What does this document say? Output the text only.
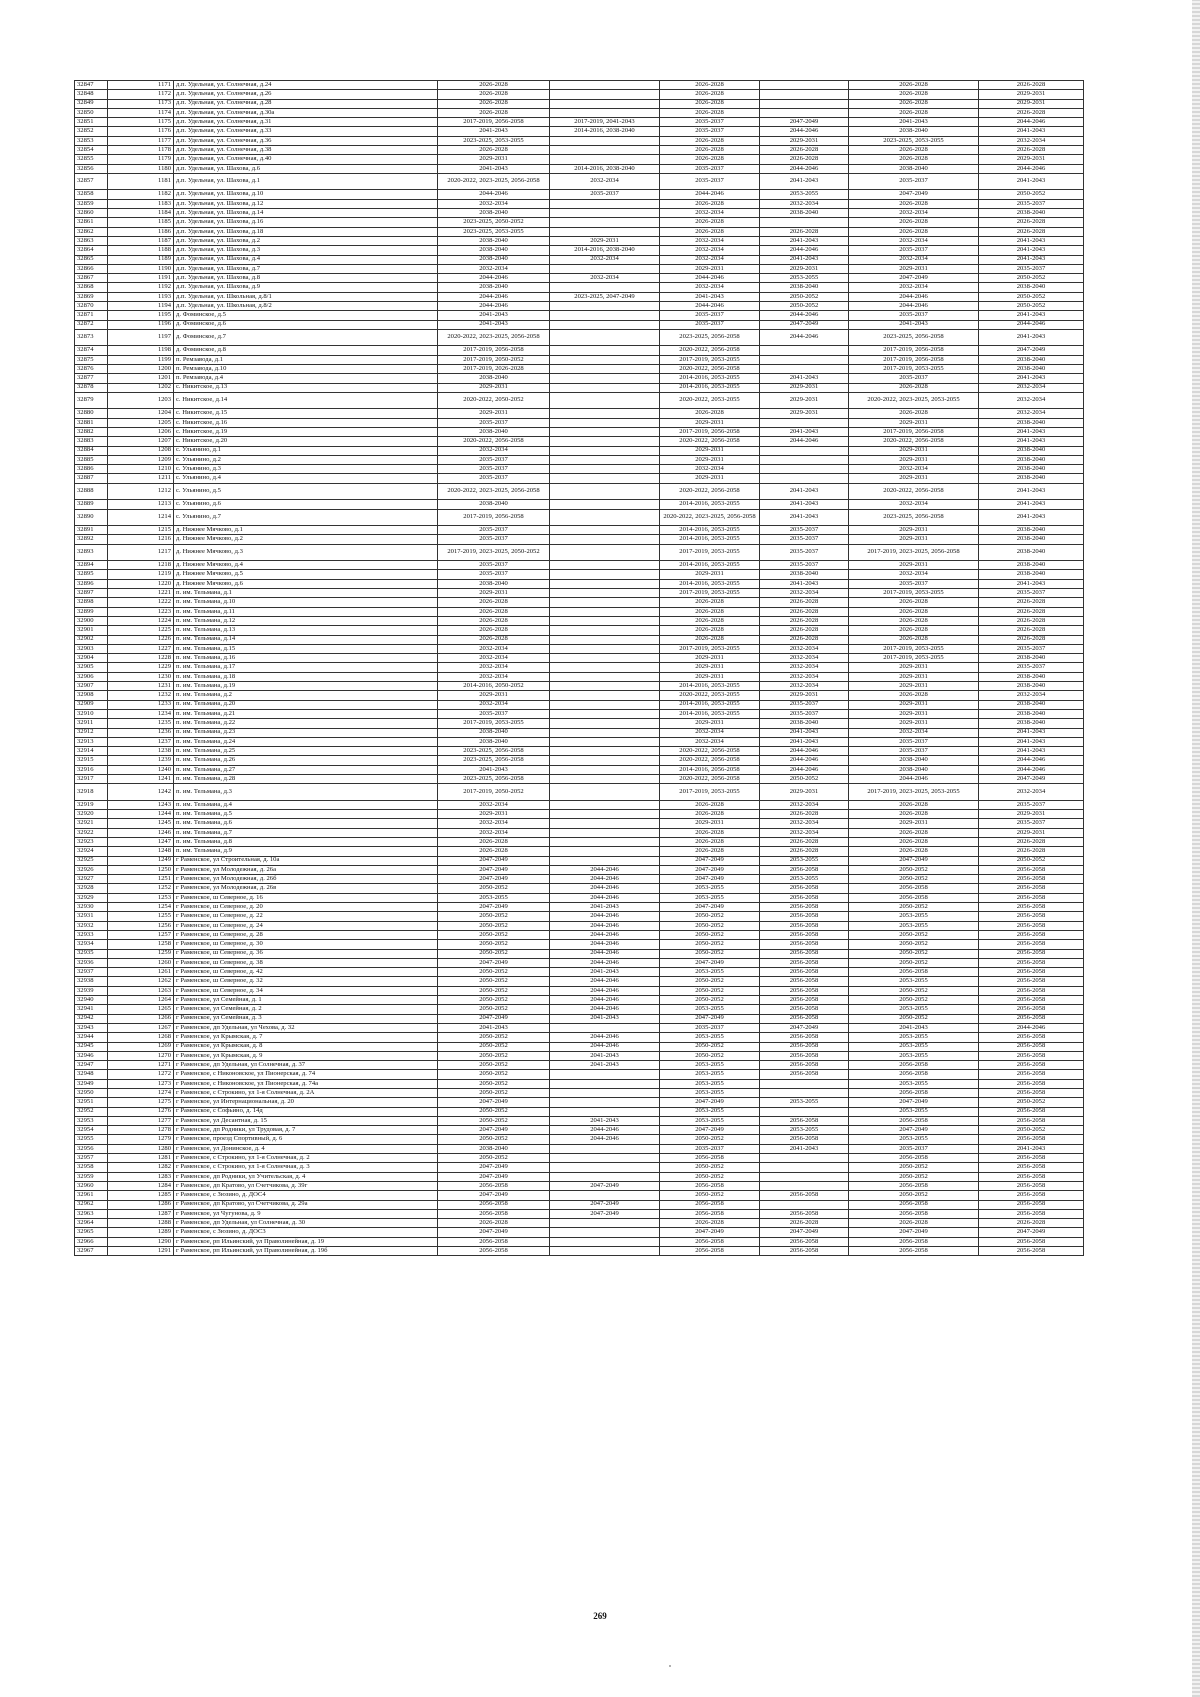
32847	1171	д.п. Удельная, ул. Солнечная, д.24	2026-2028		2026-2028		2026-2028	2026-2028
32848	1172	д.п. Удельная, ул. Солнечная, д.26	2026-2028		2026-2028		2026-2028	2029-2031
32849	1173	д.п. Удельная, ул. Солнечная, д.28	2026-2028		2026-2028		2026-2028	2029-2031
32850	1174	д.п. Удельная, ул. Солнечная, д.30а	2026-2028		2026-2028		2026-2028	2026-2028
32851	1175	д.п. Удельная, ул. Солнечная, д.31	2017-2019, 2056-2058	2017-2019, 2041-2043	2035-2037	2047-2049	2041-2043	2044-2046
32852	1176	д.п. Удельная, ул. Солнечная, д.33	2041-2043	2014-2016, 2038-2040	2035-2037	2044-2046	2038-2040	2041-2043
32853	1177	д.п. Удельная, ул. Солнечная, д.36	2023-2025, 2053-2055		2026-2028	2029-2031	2023-2025, 2053-2055	2032-2034
32854	1178	д.п. Удельная, ул. Солнечная, д.38	2026-2028		2026-2028	2026-2028	2026-2028	2026-2028
32855	1179	д.п. Удельная, ул. Солнечная, д.40	2029-2031		2026-2028	2026-2028	2026-2028	2029-2031
32856	1180	д.п. Удельная, ул. Шахова, д.6	2041-2043	2014-2016, 2038-2040	2035-2037	2044-2046	2038-2040	2044-2046
32857	1181	д.п. Удельная, ул. Шахова, д.1	2020-2022, 2023-2025, 2056-2058	2032-2034	2035-2037	2041-2043	2035-2037	2041-2043
32858	1182	д.п. Удельная, ул. Шахова, д.10	2044-2046	2035-2037	2044-2046	2053-2055	2047-2049	2050-2052
32859	1183	д.п. Удельная, ул. Шахова, д.12	2032-2034		2026-2028	2032-2034	2026-2028	2035-2037
32860	1184	д.п. Удельная, ул. Шахова, д.14	2038-2040		2032-2034	2038-2040	2032-2034	2038-2040
32861	1185	д.п. Удельная, ул. Шахова, д.16	2023-2025, 2050-2052		2026-2028		2026-2028	2026-2028
32862	1186	д.п. Удельная, ул. Шахова, д.18	2023-2025, 2053-2055		2026-2028	2026-2028	2026-2028	2026-2028
32863	1187	д.п. Удельная, ул. Шахова, д.2	2038-2040	2029-2031	2032-2034	2041-2043	2032-2034	2041-2043
32864	1188	д.п. Удельная, ул. Шахова, д.3	2038-2040	2014-2016, 2038-2040	2032-2034	2044-2046	2035-2037	2041-2043
32865	1189	д.п. Удельная, ул. Шахова, д.4	2038-2040	2032-2034	2032-2034	2041-2043	2032-2034	2041-2043
32866	1190	д.п. Удельная, ул. Шахова, д.7	2032-2034		2029-2031	2029-2031	2029-2031	2035-2037
32867	1191	д.п. Удельная, ул. Шахова, д.8	2044-2046	2032-2034	2044-2046	2053-2055	2047-2049	2050-2052
32868	1192	д.п. Удельная, ул. Шахова, д.9	2038-2040		2032-2034	2038-2040	2032-2034	2038-2040
32869	1193	д.п. Удельная, ул. Школьная, д.8/1	2044-2046	2023-2025, 2047-2049	2041-2043	2050-2052	2044-2046	2050-2052
32870	1194	д.п. Удельная, ул. Школьная, д.8/2	2044-2046		2044-2046	2050-2052	2044-2046	2050-2052
32871	1195	д. Фоминское, д.5	2041-2043		2035-2037	2044-2046	2035-2037	2041-2043
32872	1196	д. Фоминское, д.6	2041-2043		2035-2037	2047-2049	2041-2043	2044-2046
32873	1197	д. Фоминское, д.7	2020-2022, 2023-2025, 2056-2058		2023-2025, 2056-2058	2044-2046	2023-2025, 2056-2058	2041-2043
32874	1198	д. Фоминское, д.8	2017-2019, 2056-2058		2020-2022, 2056-2058		2017-2019, 2056-2058	2047-2049
32875	1199	п. Ремзавода, д.1	2017-2019, 2050-2052		2017-2019, 2053-2055		2017-2019, 2056-2058	2038-2040
32876	1200	п. Ремзавода, д.10	2017-2019, 2026-2028		2020-2022, 2056-2058		2017-2019, 2053-2055	2038-2040
32877	1201	п. Ремзавода, д.4	2038-2040		2014-2016, 2053-2055	2041-2043	2035-2037	2041-2043
32878	1202	с. Никитское, д.13	2029-2031		2014-2016, 2053-2055	2029-2031	2026-2028	2032-2034
32879	1203	с. Никитское, д.14	2020-2022, 2050-2052		2020-2022, 2053-2055	2029-2031	2020-2022, 2023-2025, 2053-2055	2032-2034
32880	1204	с. Никитское, д.15	2029-2031		2026-2028	2029-2031	2026-2028	2032-2034
32881	1205	с. Никитское, д.16	2035-2037		2029-2031		2029-2031	2038-2040
32882	1206	с. Никитское, д.19	2038-2040		2017-2019, 2056-2058	2041-2043	2017-2019, 2056-2058	2041-2043
32883	1207	с. Никитское, д.20	2020-2022, 2056-2058		2020-2022, 2056-2058	2044-2046	2020-2022, 2056-2058	2041-2043
32884	1208	с. Ульянино, д.1	2032-2034		2029-2031		2029-2031	2038-2040
32885	1209	с. Ульянино, д.2	2035-2037		2029-2031		2029-2031	2038-2040
32886	1210	с. Ульянино, д.3	2035-2037		2032-2034		2032-2034	2038-2040
32887	1211	с. Ульянино, д.4	2035-2037		2029-2031		2029-2031	2038-2040
32888	1212	с. Ульянино, д.5	2020-2022, 2023-2025, 2056-2058		2020-2022, 2056-2058	2041-2043	2020-2022, 2056-2058	2041-2043
32889	1213	с. Ульянино, д.6	2038-2040		2014-2016, 2053-2055	2041-2043	2032-2034	2041-2043
32890	1214	с. Ульянино, д.7	2017-2019, 2056-2058		2020-2022, 2023-2025, 2056-2058	2041-2043	2023-2025, 2056-2058	2041-2043
32891	1215	д. Нижнее Мячково, д.1	2035-2037		2014-2016, 2053-2055	2035-2037	2029-2031	2038-2040
32892	1216	д. Нижнее Мячково, д.2	2035-2037		2014-2016, 2053-2055	2035-2037	2029-2031	2038-2040
32893	1217	д. Нижнее Мячково, д.3	2017-2019, 2023-2025, 2050-2052		2017-2019, 2053-2055	2035-2037	2017-2019, 2023-2025, 2056-2058	2038-2040
32894	1218	д. Нижнее Мячково, д.4	2035-2037		2014-2016, 2053-2055	2035-2037	2029-2031	2038-2040
32895	1219	д. Нижнее Мячково, д.5	2035-2037		2029-2031	2038-2040	2032-2034	2038-2040
32896	1220	д. Нижнее Мячково, д.6	2038-2040		2014-2016, 2053-2055	2041-2043	2035-2037	2041-2043
32897	1221	п. им. Тельмана, д.1	2029-2031		2017-2019, 2053-2055	2032-2034	2017-2019, 2053-2055	2035-2037
32898	1222	п. им. Тельмана, д.10	2026-2028		2026-2028	2026-2028	2026-2028	2026-2028
32899	1223	п. им. Тельмана, д.11	2026-2028		2026-2028	2026-2028	2026-2028	2026-2028
32900	1224	п. им. Тельмана, д.12	2026-2028		2026-2028	2026-2028	2026-2028	2026-2028
32901	1225	п. им. Тельмана, д.13	2026-2028		2026-2028	2026-2028	2026-2028	2026-2028
32902	1226	п. им. Тельмана, д.14	2026-2028		2026-2028	2026-2028	2026-2028	2026-2028
32903	1227	п. им. Тельмана, д.15	2032-2034		2017-2019, 2053-2055	2032-2034	2017-2019, 2053-2055	2035-2037
32904	1228	п. им. Тельмана, д.16	2032-2034		2029-2031	2032-2034	2017-2019, 2053-2055	2038-2040
32905	1229	п. им. Тельмана, д.17	2032-2034		2029-2031	2032-2034	2029-2031	2035-2037
32906	1230	п. им. Тельмана, д.18	2032-2034		2029-2031	2032-2034	2029-2031	2038-2040
32907	1231	п. им. Тельмана, д.19	2014-2016, 2050-2052		2014-2016, 2053-2055	2032-2034	2029-2031	2038-2040
32908	1232	п. им. Тельмана, д.2	2029-2031		2020-2022, 2053-2055	2029-2031	2026-2028	2032-2034
32909	1233	п. им. Тельмана, д.20	2032-2034		2014-2016, 2053-2055	2035-2037	2029-2031	2038-2040
32910	1234	п. им. Тельмана, д.21	2035-2037		2014-2016, 2053-2055	2035-2037	2029-2031	2038-2040
32911	1235	п. им. Тельмана, д.22	2017-2019, 2053-2055		2029-2031	2038-2040	2029-2031	2038-2040
32912	1236	п. им. Тельмана, д.23	2038-2040		2032-2034	2041-2043	2032-2034	2041-2043
32913	1237	п. им. Тельмана, д.24	2038-2040		2032-2034	2041-2043	2035-2037	2041-2043
32914	1238	п. им. Тельмана, д.25	2023-2025, 2056-2058		2020-2022, 2056-2058	2044-2046	2035-2037	2041-2043
32915	1239	п. им. Тельмана, д.26	2023-2025, 2056-2058		2020-2022, 2056-2058	2044-2046	2038-2040	2044-2046
32916	1240	п. им. Тельмана, д.27	2041-2043		2014-2016, 2056-2058	2044-2046	2038-2040	2044-2046
32917	1241	п. им. Тельмана, д.28	2023-2025, 2056-2058		2020-2022, 2056-2058	2050-2052	2044-2046	2047-2049
32918	1242	п. им. Тельмана, д.3	2017-2019, 2050-2052		2017-2019, 2053-2055	2029-2031	2017-2019, 2023-2025, 2053-2055	2032-2034
32919	1243	п. им. Тельмана, д.4	2032-2034		2026-2028	2032-2034	2026-2028	2035-2037
32920	1244	п. им. Тельмана, д.5	2029-2031		2026-2028	2026-2028	2026-2028	2029-2031
32921	1245	п. им. Тельмана, д.6	2032-2034		2029-2031	2032-2034	2029-2031	2035-2037
32922	1246	п. им. Тельмана, д.7	2032-2034		2026-2028	2032-2034	2026-2028	2029-2031
32923	1247	п. им. Тельмана, д.8	2026-2028		2026-2028	2026-2028	2026-2028	2026-2028
32924	1248	п. им. Тельмана, д.9	2026-2028		2026-2028	2026-2028	2026-2028	2026-2028
32925	1249	г Раменское, ул Строительная, д. 10а	2047-2049		2047-2049	2053-2055	2047-2049	2050-2052
32926	1250	г Раменское, ул Молодежная, д. 26а	2047-2049	2044-2046	2047-2049	2056-2058	2050-2052	2056-2058
32927	1251	г Раменское, ул Молодежная, д. 26б	2047-2049	2044-2046	2047-2049	2053-2055	2050-2052	2056-2058
32928	1252	г Раменское, ул Молодежная, д. 26в	2050-2052	2044-2046	2053-2055	2056-2058	2056-2058	2056-2058
32929	1253	г Раменское, ш Северное, д. 16	2053-2055	2044-2046	2053-2055	2056-2058	2056-2058	2056-2058
32930	1254	г Раменское, ш Северное, д. 20	2047-2049	2041-2043	2047-2049	2056-2058	2050-2052	2056-2058
32931	1255	г Раменское, ш Северное, д. 22	2050-2052	2044-2046	2050-2052	2056-2058	2053-2055	2056-2058
32932	1256	г Раменское, ш Северное, д. 24	2050-2052	2044-2046	2050-2052	2056-2058	2053-2055	2056-2058
32933	1257	г Раменское, ш Северное, д. 28	2050-2052	2044-2046	2050-2052	2056-2058	2050-2052	2056-2058
32934	1258	г Раменское, ш Северное, д. 30	2050-2052	2044-2046	2050-2052	2056-2058	2050-2052	2056-2058
32935	1259	г Раменское, ш Северное, д. 36	2050-2052	2044-2046	2050-2052	2056-2058	2050-2052	2056-2058
32936	1260	г Раменское, ш Северное, д. 38	2047-2049	2044-2046	2047-2049	2056-2058	2050-2052	2056-2058
32937	1261	г Раменское, ш Северное, д. 42	2050-2052	2041-2043	2053-2055	2056-2058	2056-2058	2056-2058
32938	1262	г Раменское, ш Северное, д. 32	2050-2052	2044-2046	2050-2052	2056-2058	2053-2055	2056-2058
32939	1263	г Раменское, ш Северное, д. 34	2050-2052	2044-2046	2050-2052	2056-2058	2050-2052	2056-2058
32940	1264	г Раменское, ул Семейная, д. 1	2050-2052	2044-2046	2050-2052	2056-2058	2050-2052	2056-2058
32941	1265	г Раменское, ул Семейная, д. 2	2050-2052	2044-2046	2053-2055	2056-2058	2053-2055	2056-2058
32942	1266	г Раменское, ул Семейная, д. 3	2047-2049	2041-2043	2047-2049	2056-2058	2050-2052	2056-2058
32943	1267	г Раменское, дп Удельная, ул Чехова, д. 32	2041-2043		2035-2037	2047-2049	2041-2043	2044-2046
32944	1268	г Раменское, ул Крымская, д. 7	2050-2052	2044-2046	2053-2055	2056-2058	2053-2055	2056-2058
32945	1269	г Раменское, ул Крымская, д. 8	2050-2052	2044-2046	2050-2052	2056-2058	2053-2055	2056-2058
32946	1270	г Раменское, ул Крымская, д. 9	2050-2052	2041-2043	2050-2052	2056-2058	2053-2055	2056-2058
32947	1271	г Раменское, дп Удельная, ул Солнечная, д. 37	2050-2052	2041-2043	2053-2055	2056-2058	2056-2058	2056-2058
32948	1272	г Раменское, с Никоновское, ул Пионерская, д. 74	2050-2052		2053-2055	2056-2058	2056-2058	2056-2058
32949	1273	г Раменское, с Никоновское, ул Пионерская, д. 74а	2050-2052		2053-2055		2053-2055	2056-2058
32950	1274	г Раменское, с Строкино, ул 1-я Солнечная, д. 2А	2050-2052		2053-2055		2056-2058	2056-2058
32951	1275	г Раменское, ул Интернациональная, д. 20	2047-2049		2047-2049	2053-2055	2047-2049	2050-2052
32952	1276	г Раменское, с Софьино, д. 14д	2050-2052		2053-2055		2053-2055	2056-2058
32953	1277	г Раменское, ул Десантная, д. 15	2050-2052	2041-2043	2053-2055	2056-2058	2056-2058	2056-2058
32954	1278	г Раменское, дп Родники, ул Трудовая, д. 7	2047-2049	2044-2046	2047-2049	2053-2055	2047-2049	2050-2052
32955	1279	г Раменское, проезд Спортивный, д. 6	2050-2052	2044-2046	2050-2052	2056-2058	2053-2055	2056-2058
32956	1280	г Раменское, ул Донинское, д. 4	2038-2040		2035-2037	2041-2043	2035-2037	2041-2043
32957	1281	г Раменское, с Строкино, ул 1-я Солнечная, д. 2	2050-2052		2056-2058		2056-2058	2056-2058
32958	1282	г Раменское, с Строкино, ул 1-я Солнечная, д. 3	2047-2049		2050-2052		2050-2052	2056-2058
32959	1283	г Раменское, дп Родники, ул Учительская, д. 4	2047-2049		2050-2052		2050-2052	2056-2058
32960	1284	г Раменское, дп Кратово, ул Счетчикова, д. 39г	2056-2058	2047-2049	2056-2058		2056-2058	2056-2058
32961	1285	г Раменское, с Зюзино, д. ДОС4	2047-2049		2050-2052	2056-2058	2050-2052	2056-2058
32962	1286	г Раменское, дп Кратово, ул Счетчикова, д. 29а	2056-2058	2047-2049	2056-2058		2056-2058	2056-2058
32963	1287	г Раменское, ул Чугунова, д. 9	2056-2058	2047-2049	2056-2058	2056-2058	2056-2058	2056-2058
32964	1288	г Раменское, дп Удельная, ул Солнечная, д. 30	2026-2028		2026-2028	2026-2028	2026-2028	2026-2028
32965	1289	г Раменское, с Зюзино, д. ДОС3	2047-2049		2047-2049	2047-2049	2047-2049	2047-2049
32966	1290	г Раменское, рп Ильинский, ул Праволинейная, д. 19	2056-2058		2056-2058	2056-2058	2056-2058	2056-2058
32967	1291	г Раменское, рп Ильинский, ул Праволинейная, д. 19б	2056-2058		2056-2058	2056-2058	2056-2058	2056-2058
269
